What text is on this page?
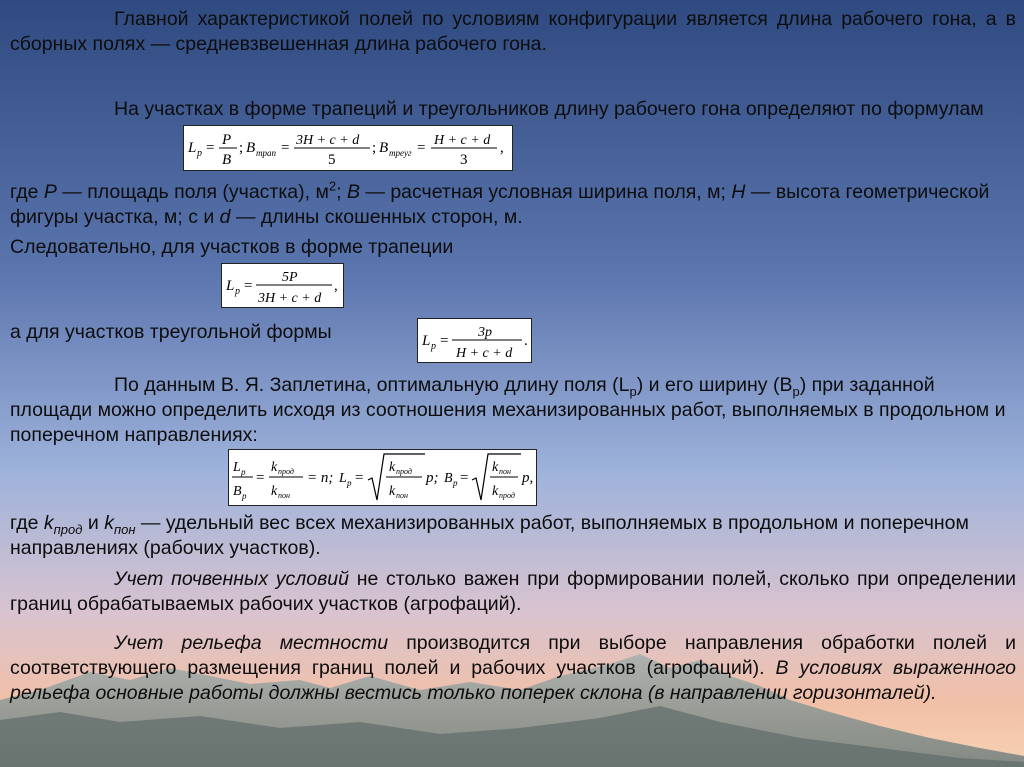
Главной характеристикой полей по условиям конфигурации является длина рабочего гона, а в сборных полях — средневзвешенная длина рабочего гона.
На участках в форме трапеций и треугольников длину рабочего гона определяют по формулам
L p = P
B
; B трап = 3H + c + d
5
; B треуг = H + c + d
3
,
где P — площадь поля (участка), $м^2$; B — расчетная условная ширина поля, м; H — высота геометрической фигуры участка, м; c и d — длины скошенных сторон, м.
Следовательно, для участков в форме трапеции
L p =
5P
3H + c + d
,
а для участков треугольной формы	L p =
3p
H + c + d
.
По данным В. Я. Заплетина, оптимальную длину поля $(L_p)$ и его ширину $(B_p)$ при заданной площади можно определить исходя из соотношения механизированных работ, выполняемых в продольном и поперечном направлениях:
L p
B p
=
k прод
k пон
= n; L p =
k прод
k пон
p; B p =
k пон
k прод
p,
где $k_{прод}$ и $k_{пон}$ — удельный вес всех механизированных работ, выполняемых в продольном и поперечном направлениях (рабочих участков).
Учет почвенных условий не столько важен при формировании полей, сколько при определении границ обрабатываемых рабочих участков (агрофаций).
Учет рельефа местности производится при выборе направления обработки полей и соответствующего размещения границ полей и рабочих участков (агрофаций). В условиях выраженного рельефа основные работы должны вестись только поперек склона (в направлении горизонталей).
